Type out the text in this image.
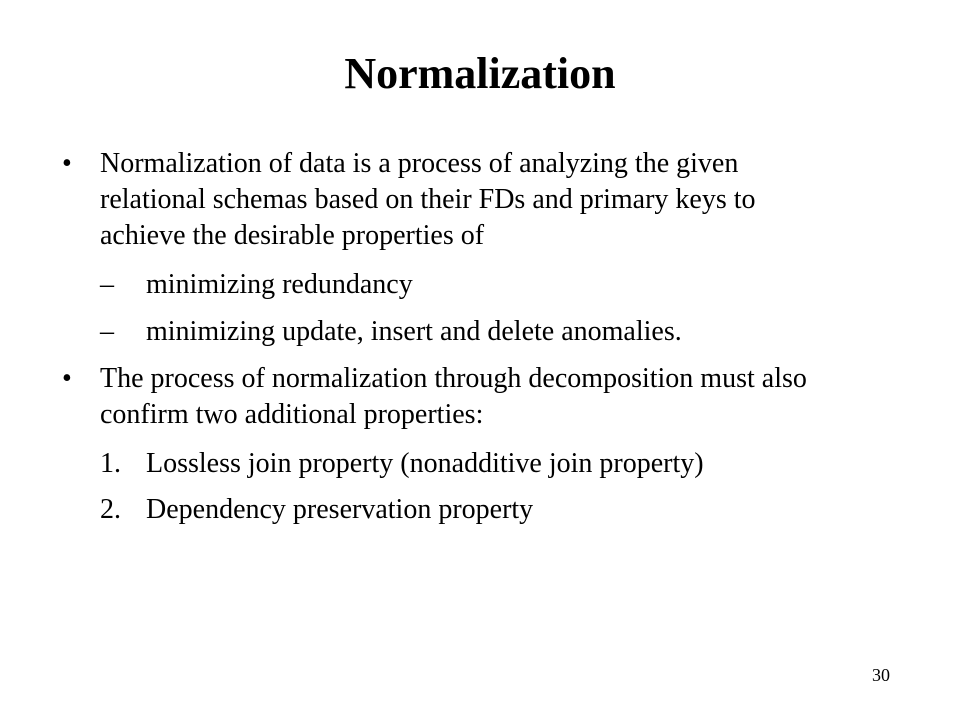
Normalization
• Normalization of data is a process of analyzing the given relational schemas based on their FDs and primary keys to achieve the desirable properties of
– minimizing redundancy
– minimizing update, insert and delete anomalies.
• The process of normalization through decomposition must also confirm two additional properties:
1. Lossless join property (nonadditive join property)
2. Dependency preservation property
30
